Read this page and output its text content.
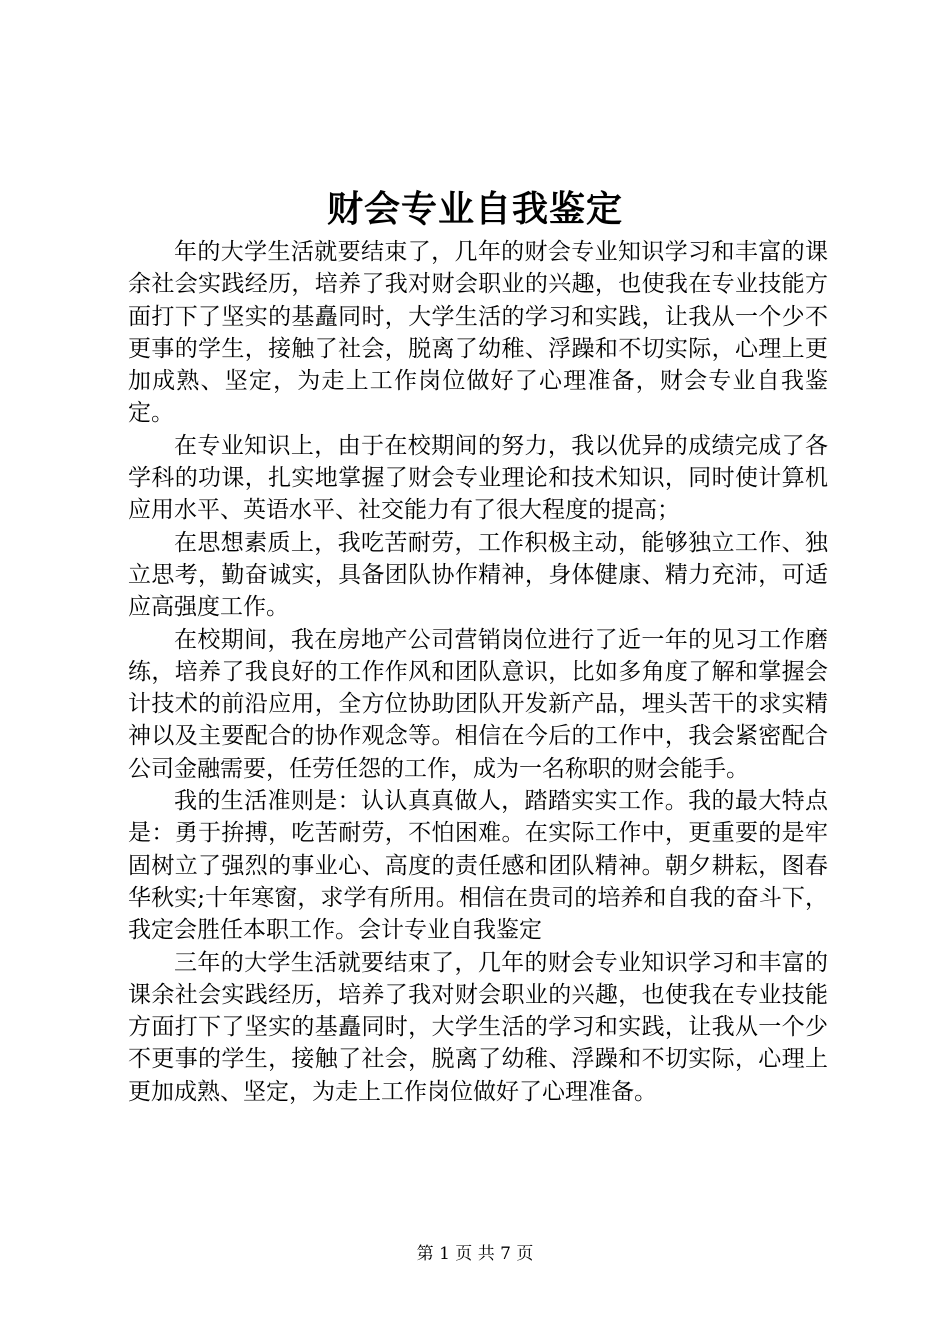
财会专业自我鉴定

年的大学生活就要结束了，几年的财会专业知识学习和丰富的课余社会实践经历，培养了我对财会职业的兴趣，也使我在专业技能方面打下了坚实的基矗同时，大学生活的学习和实践，让我从一个少不更事的学生，接触了社会，脱离了幼稚、浮躁和不切实际，心理上更加成熟、坚定，为走上工作岗位做好了心理准备，财会专业自我鉴定。

在专业知识上，由于在校期间的努力，我以优异的成绩完成了各学科的功课，扎实地掌握了财会专业理论和技术知识，同时使计算机应用水平、英语水平、社交能力有了很大程度的提高；

在思想素质上，我吃苦耐劳，工作积极主动，能够独立工作、独立思考，勤奋诚实，具备团队协作精神，身体健康、精力充沛，可适应高强度工作。

在校期间，我在房地产公司营销岗位进行了近一年的见习工作磨练，培养了我良好的工作作风和团队意识，比如多角度了解和掌握会计技术的前沿应用，全方位协助团队开发新产品，埋头苦干的求实精神以及主要配合的协作观念等。相信在今后的工作中，我会紧密配合公司金融需要，任劳任怨的工作，成为一名称职的财会能手。

我的生活准则是：认认真真做人，踏踏实实工作。我的最大特点是：勇于拚搏，吃苦耐劳，不怕困难。在实际工作中，更重要的是牢固树立了强烈的事业心、高度的责任感和团队精神。朝夕耕耘，图春华秋实;十年寒窗，求学有所用。相信在贵司的培养和自我的奋斗下，我定会胜任本职工作。会计专业自我鉴定

三年的大学生活就要结束了，几年的财会专业知识学习和丰富的课余社会实践经历，培养了我对财会职业的兴趣，也使我在专业技能方面打下了坚实的基矗同时，大学生活的学习和实践，让我从一个少不更事的学生，接触了社会，脱离了幼稚、浮躁和不切实际，心理上更加成熟、坚定，为走上工作岗位做好了心理准备。

第 1 页 共 7 页
